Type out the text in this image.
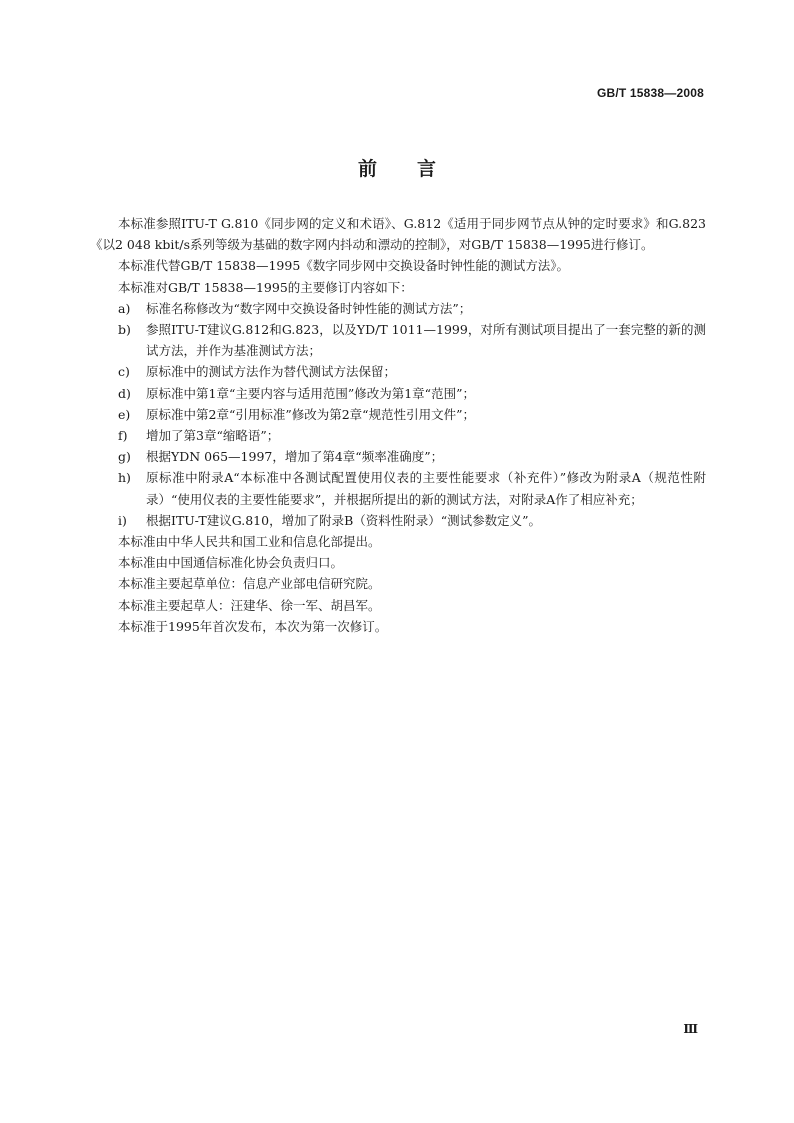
GB/T 15838—2008
前言

本标准参照ITU-T G.810《同步网的定义和术语》、G.812《适用于同步网节点从钟的定时要求》和G.823《以2 048 kbit/s系列等级为基础的数字网内抖动和漂动的控制》，对GB/T 15838—1995进行修订。

本标准代替GB/T 15838—1995《数字同步网中交换设备时钟性能的测试方法》。

本标准对GB/T 15838—1995的主要修订内容如下：

a)	标准名称修改为“数字网中交换设备时钟性能的测试方法”；
b)	参照ITU-T建议G.812和G.823，以及YD/T 1011—1999，对所有测试项目提出了一套完整的新的测试方法，并作为基准测试方法；
c)	原标准中的测试方法作为替代测试方法保留；
d)	原标准中第1章“主要内容与适用范围”修改为第1章“范围”；
e)	原标准中第2章“引用标准”修改为第2章“规范性引用文件”；
f)	增加了第3章“缩略语”；
g)	根据YDN 065—1997，增加了第4章“频率准确度”；
h)	原标准中附录A“本标准中各测试配置使用仪表的主要性能要求（补充件）”修改为附录A（规范性附录）“使用仪表的主要性能要求”，并根据所提出的新的测试方法，对附录A作了相应补充；
i)	根据ITU-T建议G.810，增加了附录B（资料性附录）“测试参数定义”。

本标准由中华人民共和国工业和信息化部提出。

本标准由中国通信标准化协会负责归口。

本标准主要起草单位：信息产业部电信研究院。

本标准主要起草人：汪建华、徐一军、胡昌军。

本标准于1995年首次发布，本次为第一次修订。

Ⅲ
